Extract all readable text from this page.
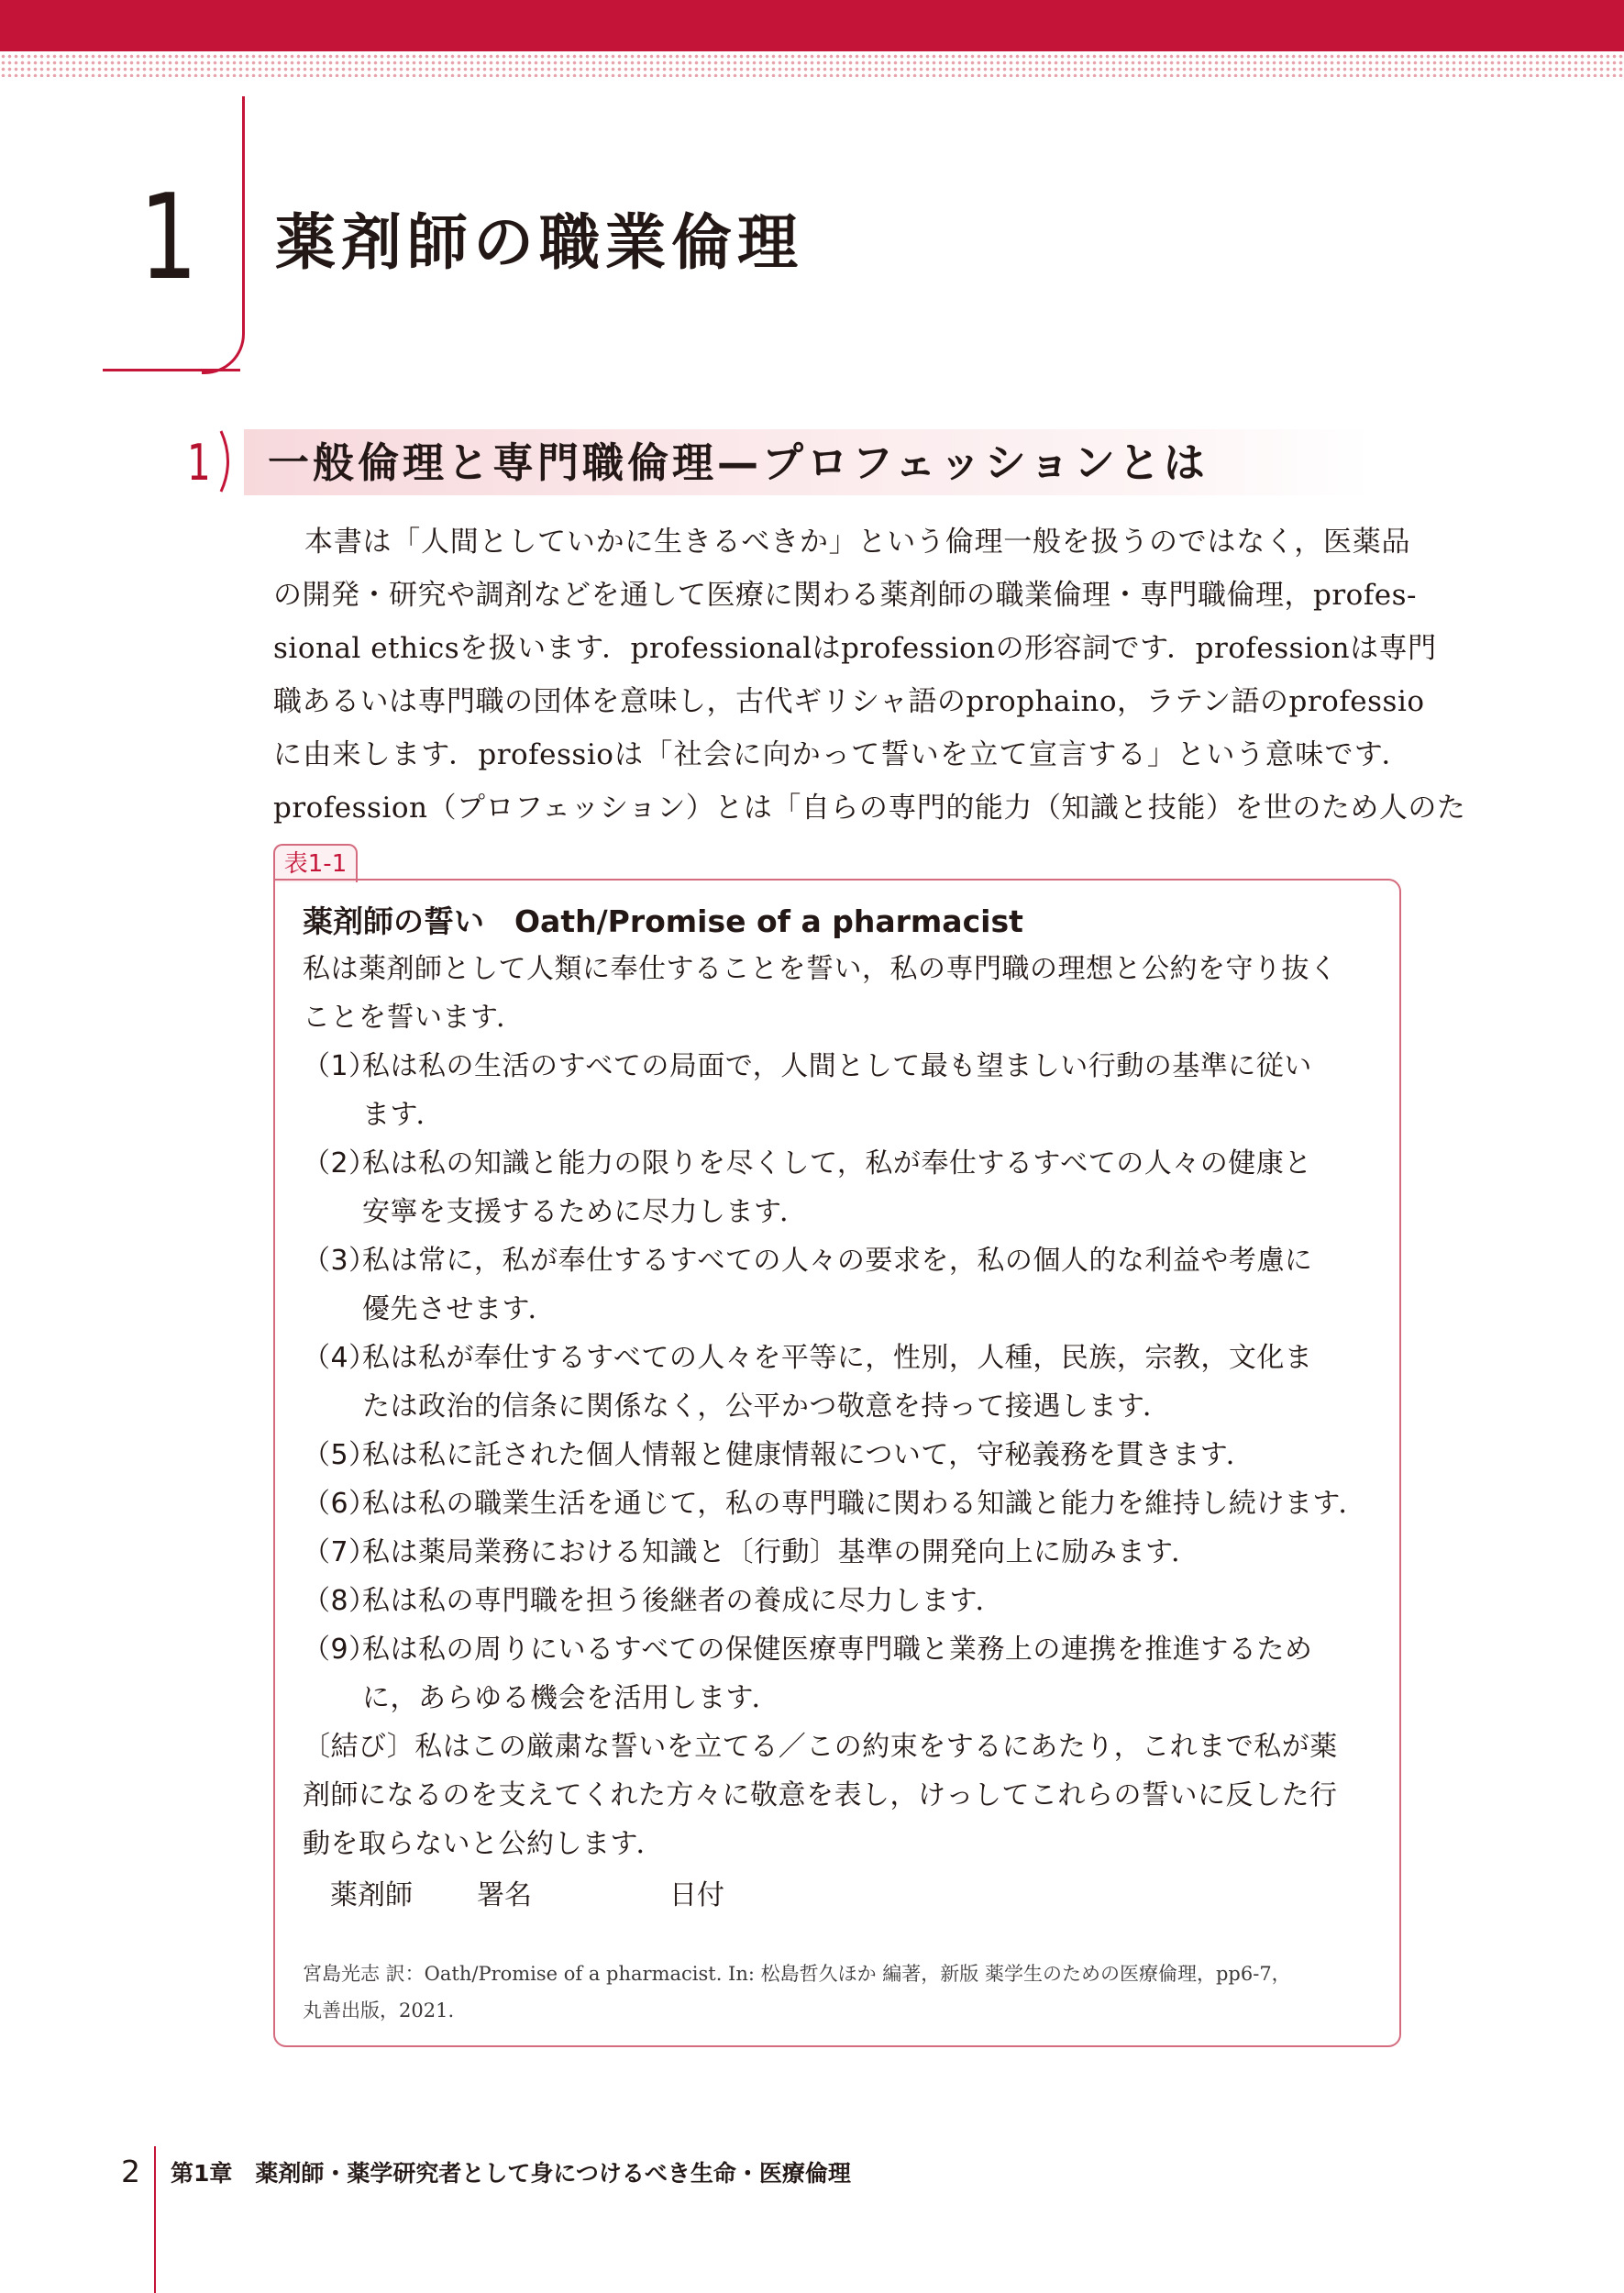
1 薬剤師の職業倫理
1 一般倫理と専門職倫理—プロフェッションとは
本書は「人間としていかに生きるべきか」という倫理一般を扱うのではなく，医薬品
の開発・研究や調剤などを通して医療に関わる薬剤師の職業倫理・専門職倫理，profes-
sional ethicsを扱います．professionalはprofessionの形容詞です．professionは専門
職あるいは専門職の団体を意味し，古代ギリシャ語のprophaino，ラテン語のprofessio
に由来します．professioは「社会に向かって誓いを立て宣言する」という意味です．
profession（プロフェッション）とは「自らの専門的能力（知識と技能）を世のため人のた
表1-1
薬剤師の誓い　Oath/Promise of a pharmacist
私は薬剤師として人類に奉仕することを誓い，私の専門職の理想と公約を守り抜く
ことを誓います．
（1）
私は私の生活のすべての局面で，人間として最も望ましい行動の基準に従い
ます．
（2）
私は私の知識と能力の限りを尽くして，私が奉仕するすべての人々の健康と
安寧を支援するために尽力します．
（3）
私は常に，私が奉仕するすべての人々の要求を，私の個人的な利益や考慮に
優先させます．
（4）
私は私が奉仕するすべての人々を平等に，性別，人種，民族，宗教，文化ま
たは政治的信条に関係なく，公平かつ敬意を持って接遇します．
（5）
私は私に託された個人情報と健康情報について，守秘義務を貫きます．
（6）
私は私の職業生活を通じて，私の専門職に関わる知識と能力を維持し続けます．
（7）
私は薬局業務における知識と〔行動〕基準の開発向上に励みます．
（8）
私は私の専門職を担う後継者の養成に尽力します．
（9）
私は私の周りにいるすべての保健医療専門職と業務上の連携を推進するため
に，あらゆる機会を活用します．
〔結び〕私はこの厳粛な誓いを立てる／この約束をするにあたり，これまで私が薬
剤師になるのを支えてくれた方々に敬意を表し，けっしてこれらの誓いに反した行
動を取らないと公約します．
薬剤師 署名	日付
宮島光志 訳：Oath/Promise of a pharmacist. In: 松島哲久ほか 編著，新版 薬学生のための医療倫理，pp6-7，
丸善出版，2021.
2 第1章　薬剤師・薬学研究者として身につけるべき生命・医療倫理
